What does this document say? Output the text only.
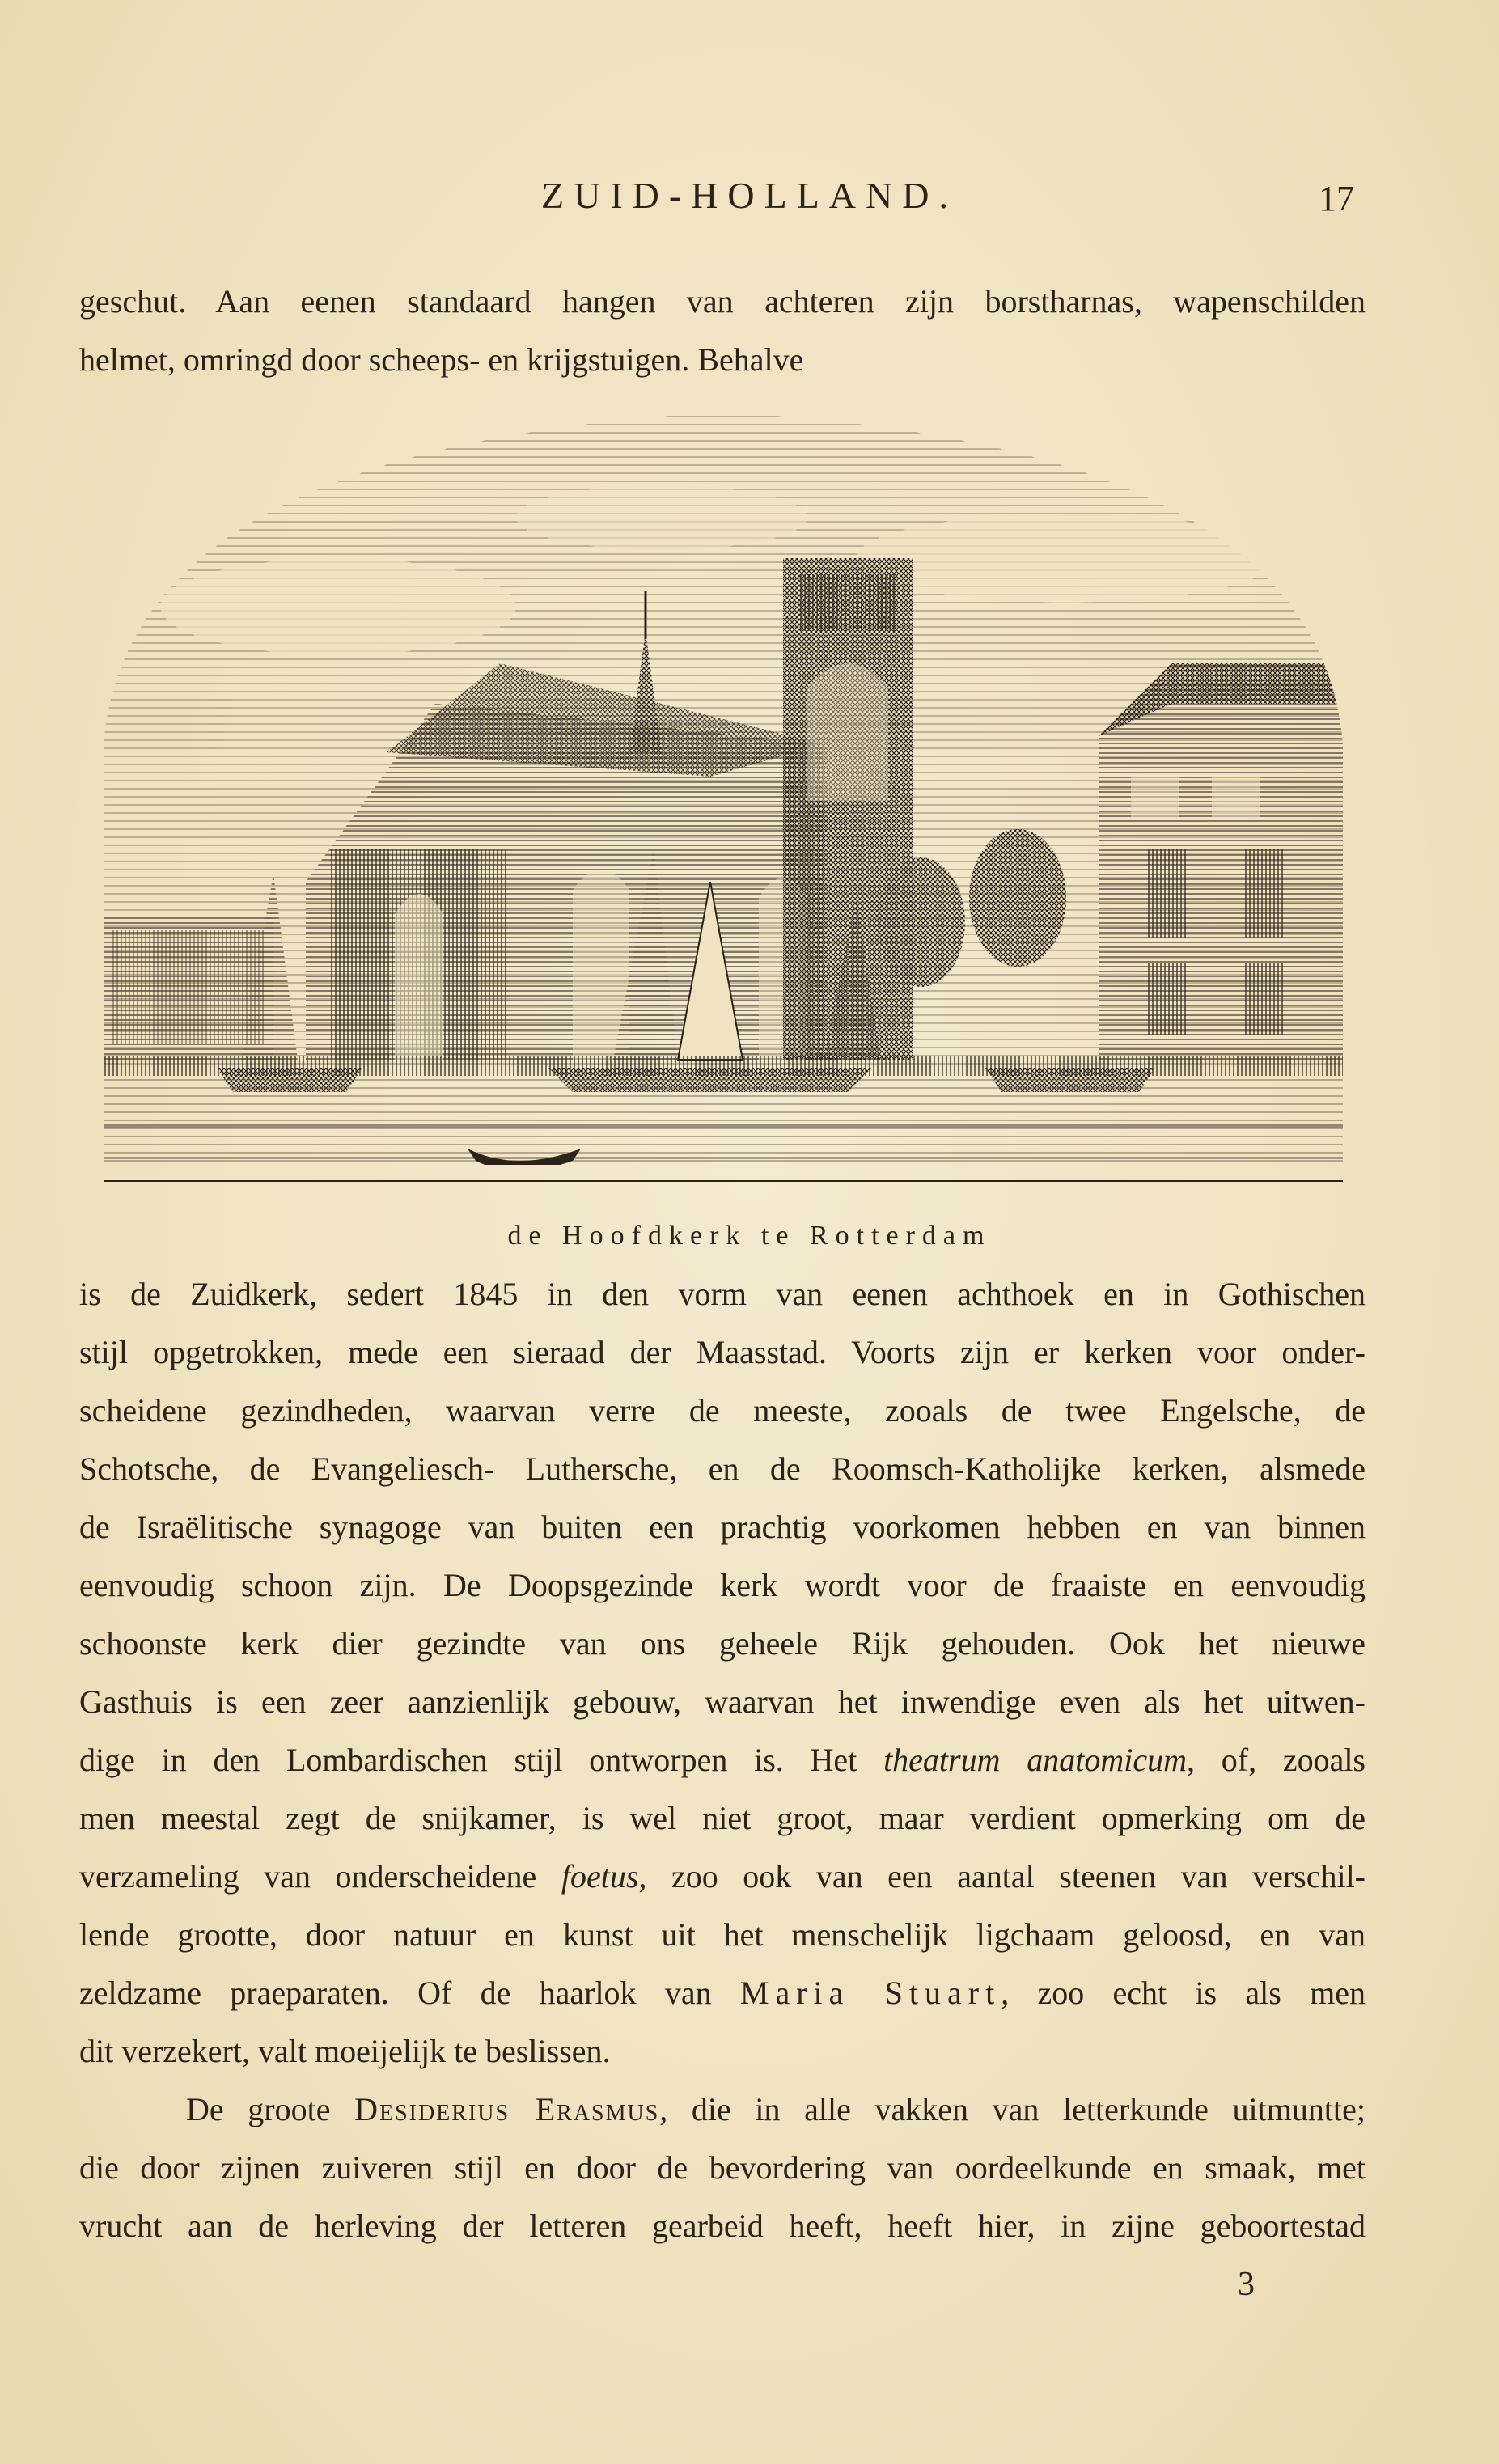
ZUID-HOLLAND.	17
geschut. Aan eenen standaard hangen van achteren zijn borstharnas, wapenschilden
helmet, omringd door scheeps- en krijgstuigen. Behalve
de Hoofdkerk te Rotterdam
is de Zuidkerk, sedert 1845 in den vorm van eenen achthoek en in Gothischen
stijl opgetrokken, mede een sieraad der Maasstad. Voorts zijn er kerken voor onder-
scheidene gezindheden, waarvan verre de meeste, zooals de twee Engelsche, de
Schotsche, de Evangeliesch- Luthersche, en de Roomsch-Katholijke kerken, alsmede
de Israëlitische synagoge van buiten een prachtig voorkomen hebben en van binnen
eenvoudig schoon zijn. De Doopsgezinde kerk wordt voor de fraaiste en eenvoudig
schoonste kerk dier gezindte van ons geheele Rijk gehouden. Ook het nieuwe
Gasthuis is een zeer aanzienlijk gebouw, waarvan het inwendige even als het uitwen-
dige in den Lombardischen stijl ontworpen is. Het theatrum anatomicum, of, zooals
men meestal zegt de snijkamer, is wel niet groot, maar verdient opmerking om de
verzameling van onderscheidene foetus, zoo ook van een aantal steenen van verschil-
lende grootte, door natuur en kunst uit het menschelijk ligchaam geloosd, en van
zeldzame praeparaten. Of de haarlok van Maria Stuart, zoo echt is als men
dit verzekert, valt moeijelijk te beslissen.
De groote Desiderius Erasmus, die in alle vakken van letterkunde uitmuntte;
die door zijnen zuiveren stijl en door de bevordering van oordeelkunde en smaak, met
vrucht aan de herleving der letteren gearbeid heeft, heeft hier, in zijne geboortestad
3
